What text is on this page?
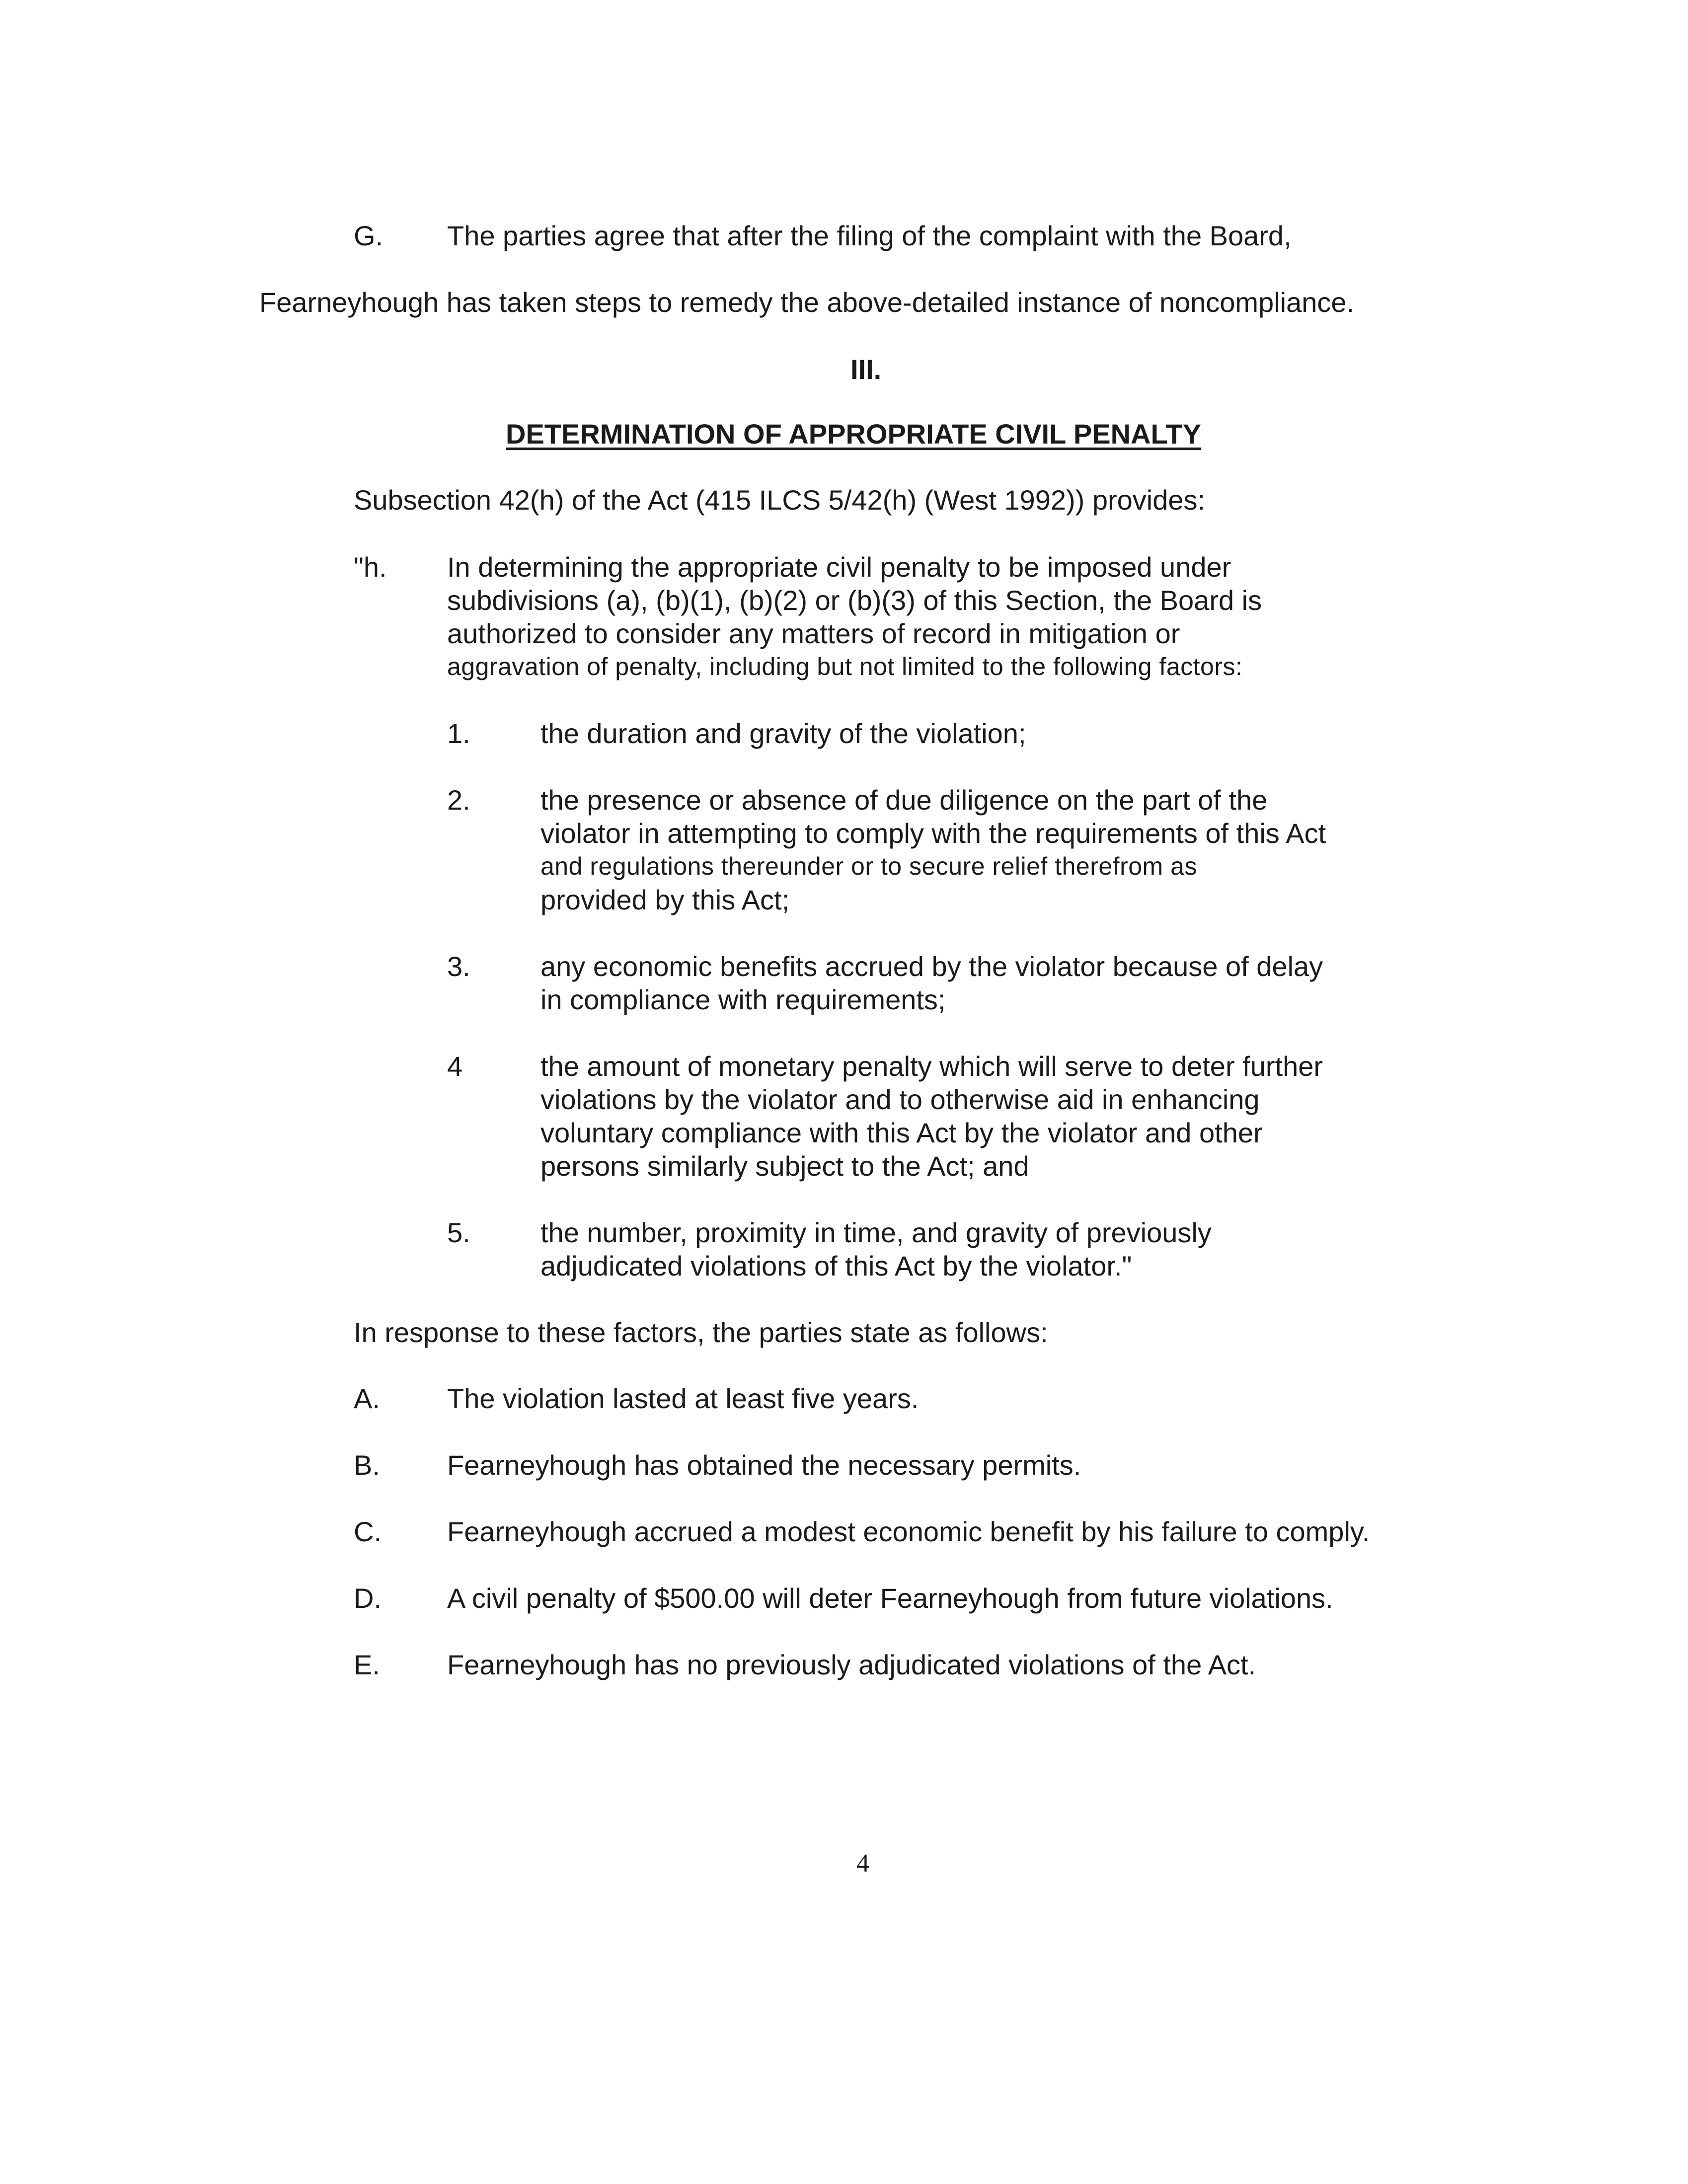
G. The parties agree that after the filing of the complaint with the Board,
Fearneyhough has taken steps to remedy the above-detailed instance of noncompliance.
III.
DETERMINATION OF APPROPRIATE CIVIL PENALTY
Subsection 42(h) of the Act (415 ILCS 5/42(h) (West 1992)) provides:
"h. In determining the appropriate civil penalty to be imposed under
subdivisions (a), (b)(1), (b)(2) or (b)(3) of this Section, the Board is
authorized to consider any matters of record in mitigation or
aggravation of penalty, including but not limited to the following factors:
1.	the duration and gravity of the violation;
2.	the presence or absence of due diligence on the part of the
violator in attempting to comply with the requirements of this Act
and regulations thereunder or to secure relief therefrom as
provided by this Act;
3.	any economic benefits accrued by the violator because of delay
in compliance with requirements;
4	the amount of monetary penalty which will serve to deter further
violations by the violator and to otherwise aid in enhancing
voluntary compliance with this Act by the violator and other
persons similarly subject to the Act; and
5.	the number, proximity in time, and gravity of previously
adjudicated violations of this Act by the violator."
In response to these factors, the parties state as follows:
A. The violation lasted at least five years.
B. Fearneyhough has obtained the necessary permits.
C. Fearneyhough accrued a modest economic benefit by his failure to comply.
D. A civil penalty of $500.00 will deter Fearneyhough from future violations.
E. Fearneyhough has no previously adjudicated violations of the Act.
4
